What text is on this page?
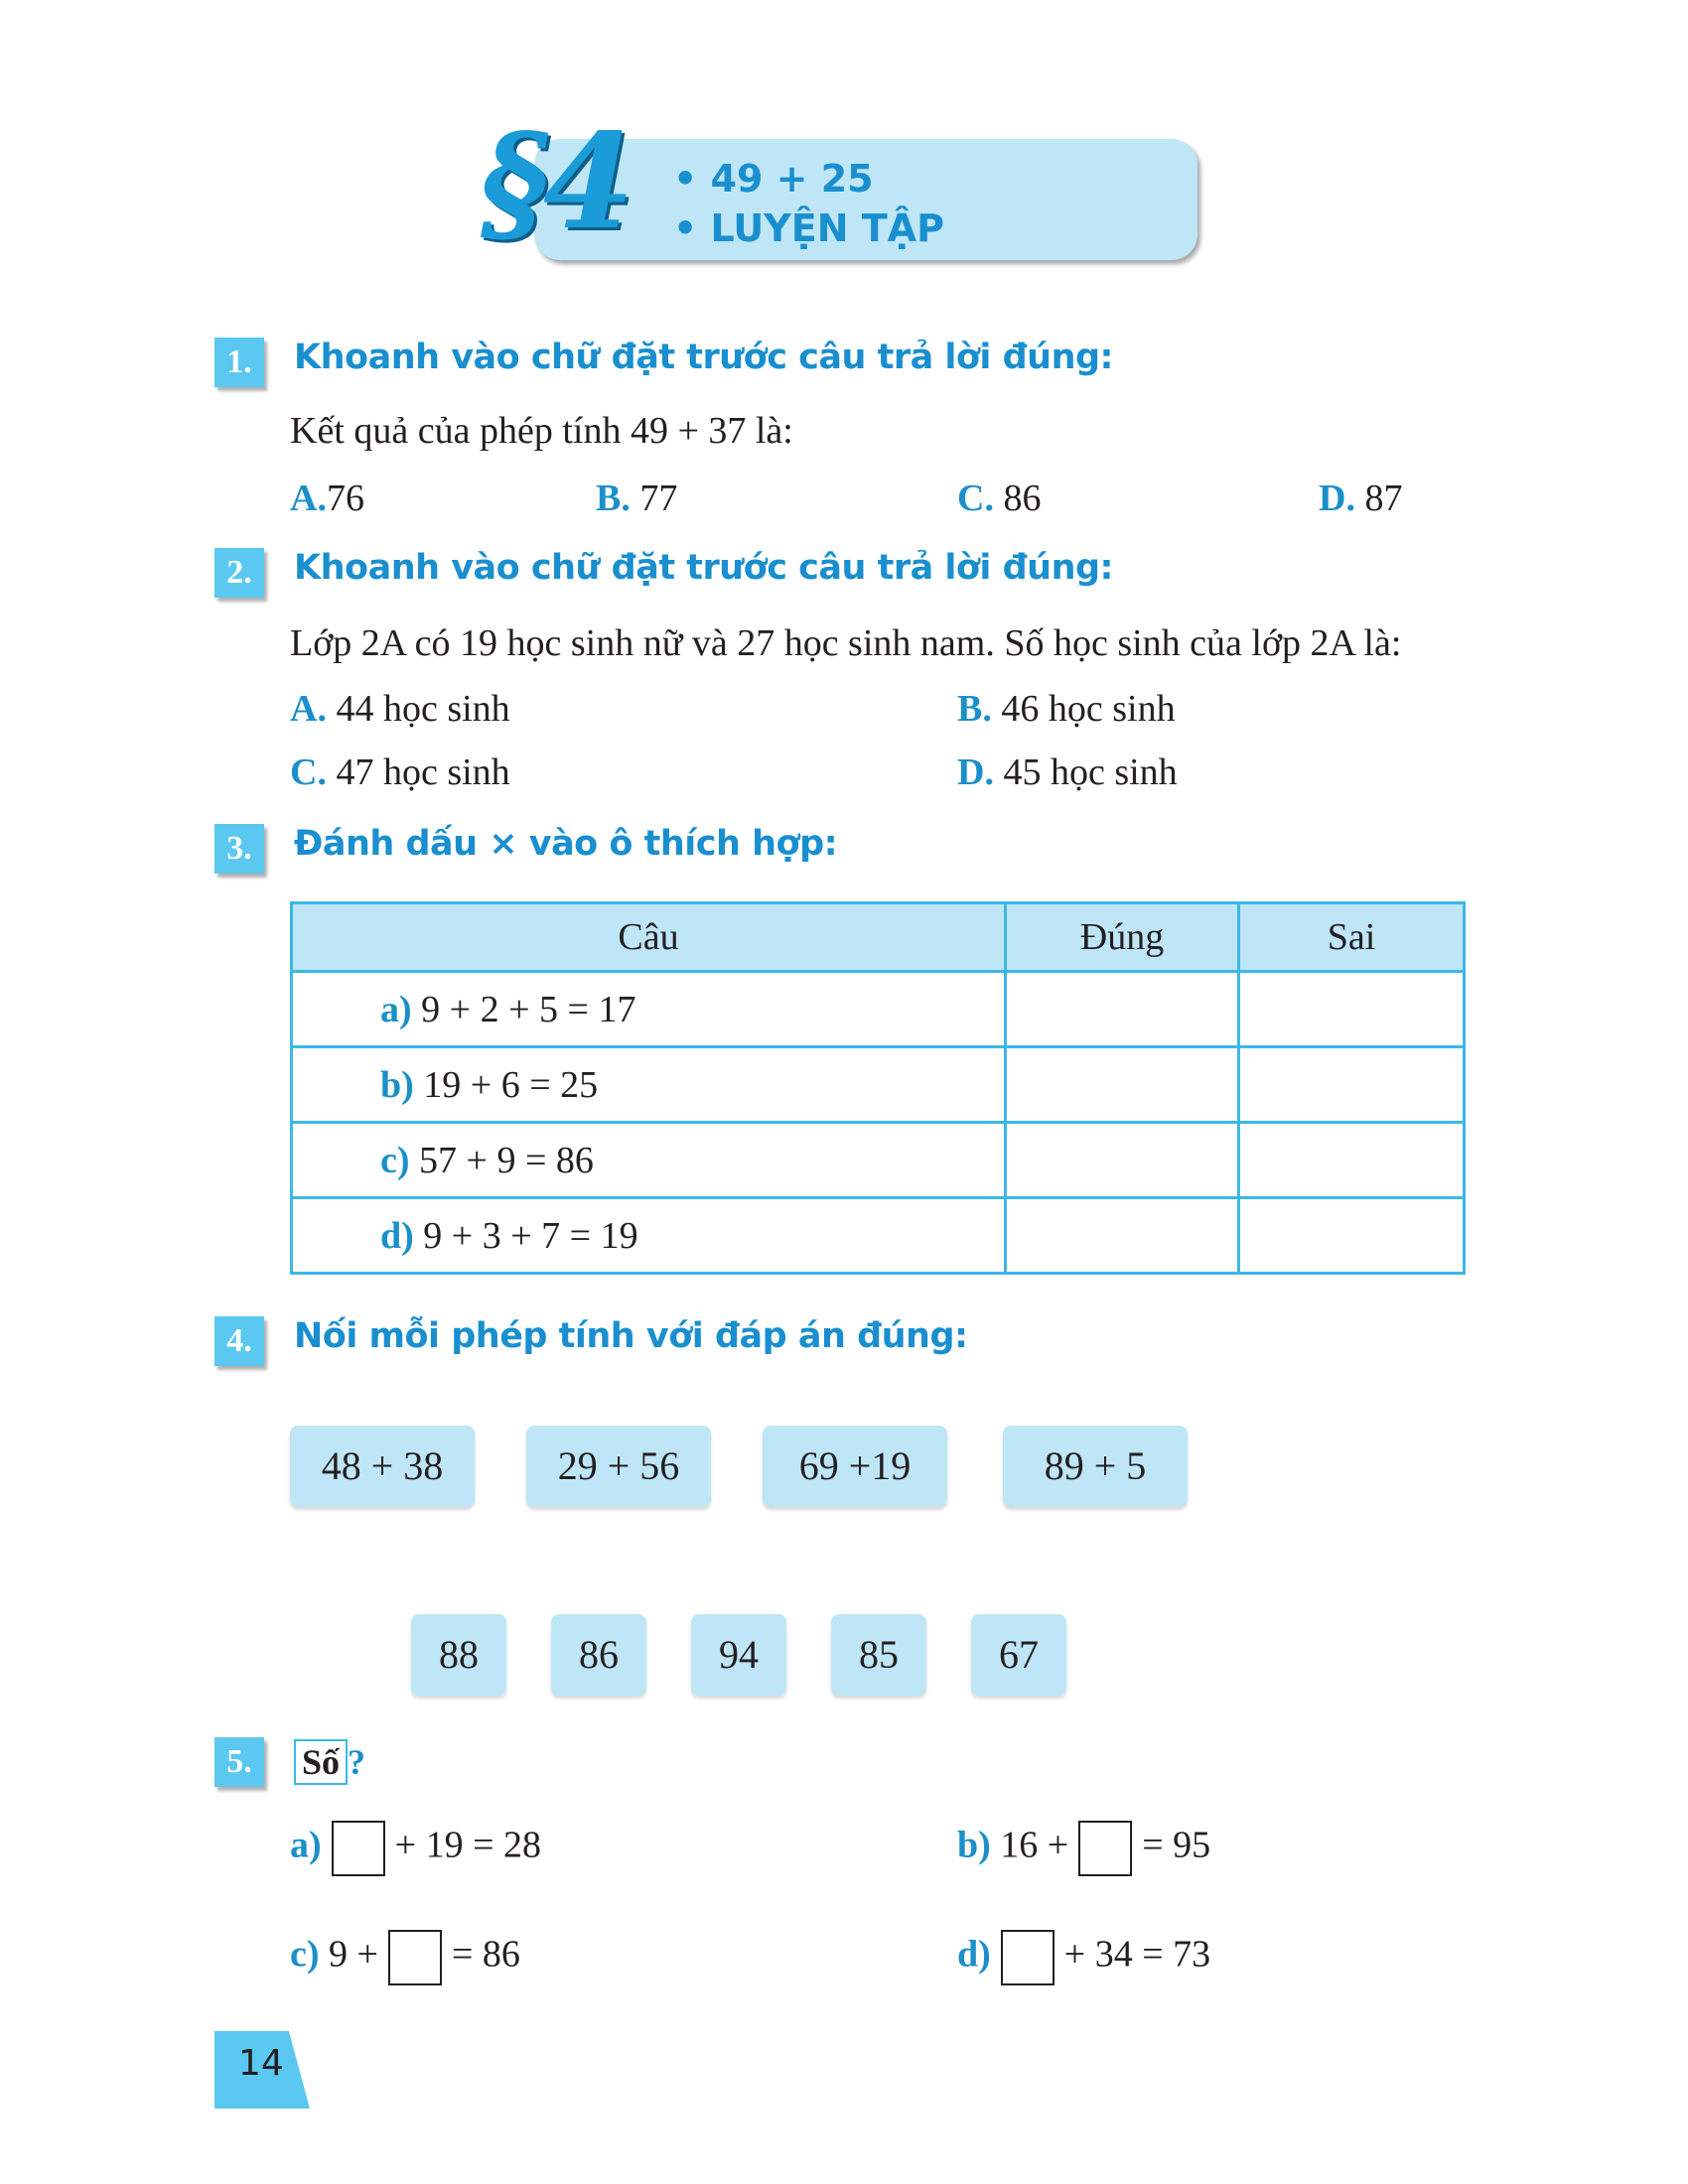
§4 • 49 + 25
• LUYỆN TẬP
1.	Khoanh vào chữ đặt trước câu trả lời đúng:
Kết quả của phép tính 49 + 37 là:
A.76	B. 77	C. 86	D. 87
2.	Khoanh vào chữ đặt trước câu trả lời đúng:
Lớp 2A có 19 học sinh nữ và 27 học sinh nam. Số học sinh của lớp 2A là:
A. 44 học sinh	B. 46 học sinh
C. 47 học sinh	D. 45 học sinh
3.	Đánh dấu × vào ô thích hợp:
Câu	Đúng	Sai
a) 9 + 2 + 5 = 17		
b) 19 + 6 = 25		
c) 57 + 9 = 86		
d) 9 + 3 + 7 = 19		
4.	Nối mỗi phép tính với đáp án đúng:
48 + 38	29 + 56	69 +19	89 + 5
88	86	94	85	67
5.	Số ?
a) + 19 = 28	b) 16 + = 95
c) 9 + = 86	d) + 34 = 73
14
